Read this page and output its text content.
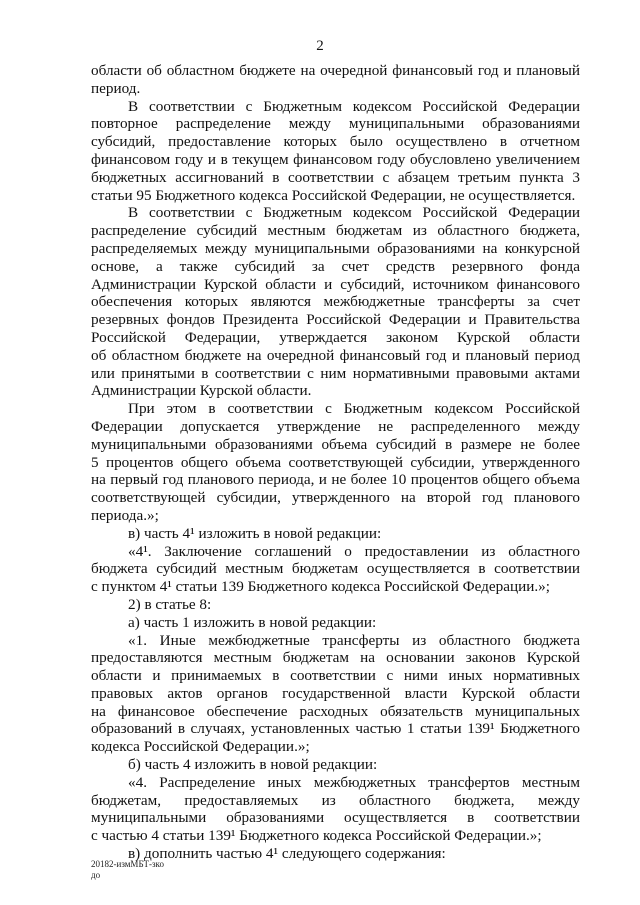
2
области об областном бюджете на очередной финансовый год и плановый
период.
В соответствии с Бюджетным кодексом Российской Федерации
повторное распределение между муниципальными образованиями
субсидий, предоставление которых было осуществлено в отчетном
финансовом году и в текущем финансовом году обусловлено увеличением
бюджетных ассигнований в соответствии с абзацем третьим пункта 3
статьи 95 Бюджетного кодекса Российской Федерации, не осуществляется.
В соответствии с Бюджетным кодексом Российской Федерации
распределение субсидий местным бюджетам из областного бюджета,
распределяемых между муниципальными образованиями на конкурсной
основе, а также субсидий за счет средств резервного фонда
Администрации Курской области и субсидий, источником финансового
обеспечения которых являются межбюджетные трансферты за счет
резервных фондов Президента Российской Федерации и Правительства
Российской Федерации, утверждается законом Курской области
об областном бюджете на очередной финансовый год и плановый период
или принятыми в соответствии с ним нормативными правовыми актами
Администрации Курской области.
При этом в соответствии с Бюджетным кодексом Российской
Федерации допускается утверждение не распределенного между
муниципальными образованиями объема субсидий в размере не более
5 процентов общего объема соответствующей субсидии, утвержденного
на первый год планового периода, и не более 10 процентов общего объема
соответствующей субсидии, утвержденного на второй год планового
периода.»;
в) часть 4¹ изложить в новой редакции:
«4¹. Заключение соглашений о предоставлении из областного
бюджета субсидий местным бюджетам осуществляется в соответствии
с пунктом 4¹ статьи 139 Бюджетного кодекса Российской Федерации.»;
2) в статье 8:
а) часть 1 изложить в новой редакции:
«1. Иные межбюджетные трансферты из областного бюджета
предоставляются местным бюджетам на основании законов Курской
области и принимаемых в соответствии с ними иных нормативных
правовых актов органов государственной власти Курской области
на финансовое обеспечение расходных обязательств муниципальных
образований в случаях, установленных частью 1 статьи 139¹ Бюджетного
кодекса Российской Федерации.»;
б) часть 4 изложить в новой редакции:
«4. Распределение иных межбюджетных трансфертов местным
бюджетам, предоставляемых из областного бюджета, между
муниципальными образованиями осуществляется в соответствии
с частью 4 статьи 139¹ Бюджетного кодекса Российской Федерации.»;
в) дополнить частью 4¹ следующего содержания:
20182-измМБТ-зко
до
